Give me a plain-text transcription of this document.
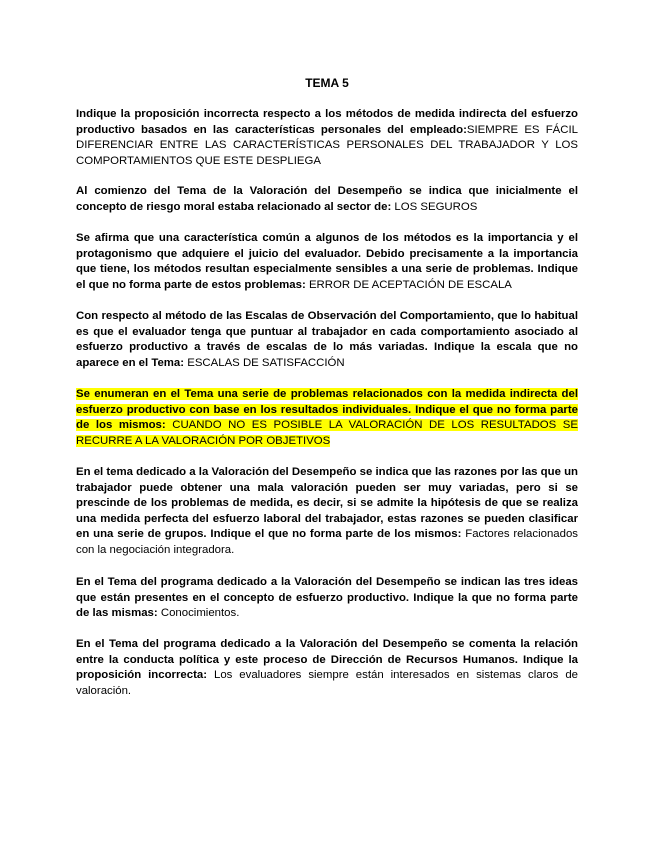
TEMA 5

Indique la proposición incorrecta respecto a los métodos de medida indirecta del esfuerzo productivo basados en las características personales del empleado:SIEMPRE ES FÁCIL DIFERENCIAR ENTRE LAS CARACTERÍSTICAS PERSONALES DEL TRABAJADOR Y LOS COMPORTAMIENTOS QUE ESTE DESPLIEGA

Al comienzo del Tema de la Valoración del Desempeño se indica que inicialmente el concepto de riesgo moral estaba relacionado al sector de: LOS SEGUROS

Se afirma que una característica común a algunos de los métodos es la importancia y el protagonismo que adquiere el juicio del evaluador. Debido precisamente a la importancia que tiene, los métodos resultan especialmente sensibles a una serie de problemas. Indique el que no forma parte de estos problemas: ERROR DE ACEPTACIÓN DE ESCALA

Con respecto al método de las Escalas de Observación del Comportamiento, que lo habitual es que el evaluador tenga que puntuar al trabajador en cada comportamiento asociado al esfuerzo productivo a través de escalas de lo más variadas. Indique la escala que no aparece en el Tema: ESCALAS DE SATISFACCIÓN

Se enumeran en el Tema una serie de problemas relacionados con la medida indirecta del esfuerzo productivo con base en los resultados individuales. Indique el que no forma parte de los mismos: CUANDO NO ES POSIBLE LA VALORACIÓN DE LOS RESULTADOS SE RECURRE A LA VALORACIÓN POR OBJETIVOS

En el tema dedicado a la Valoración del Desempeño se indica que las razones por las que un trabajador puede obtener una mala valoración pueden ser muy variadas, pero si se prescinde de los problemas de medida, es decir, si se admite la hipótesis de que se realiza una medida perfecta del esfuerzo laboral del trabajador, estas razones se pueden clasificar en una serie de grupos. Indique el que no forma parte de los mismos: Factores relacionados con la negociación integradora.

En el Tema del programa dedicado a la Valoración del Desempeño se indican las tres ideas que están presentes en el concepto de esfuerzo productivo. Indique la que no forma parte de las mismas: Conocimientos.

En el Tema del programa dedicado a la Valoración del Desempeño se comenta la relación entre la conducta política y este proceso de Dirección de Recursos Humanos. Indique la proposición incorrecta: Los evaluadores siempre están interesados en sistemas claros de valoración.
